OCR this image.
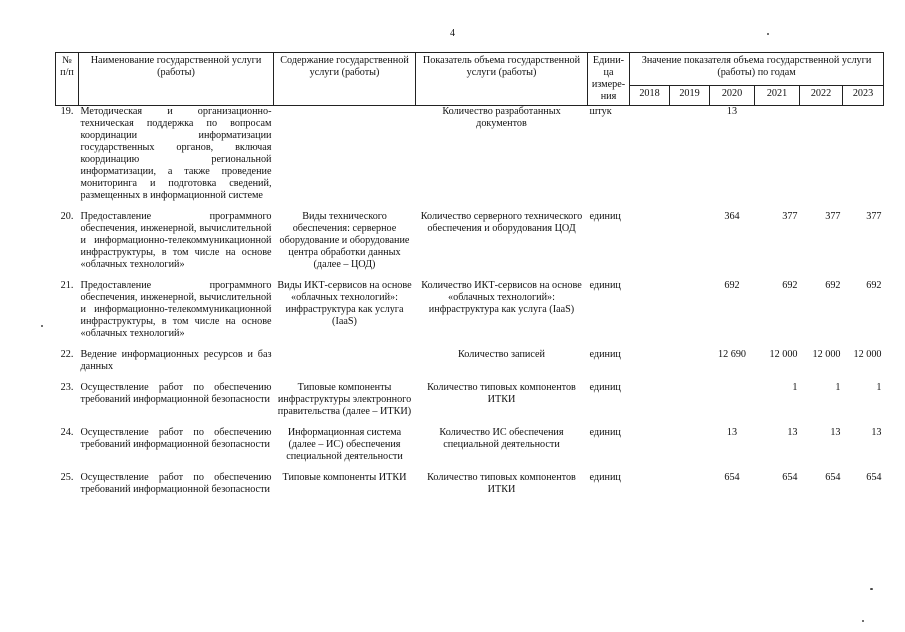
4
№ п/п	Наименование государственной услуги (работы)	Содержание государственной услуги (работы)	Показатель объема государственной услуги (работы)	Едини-ца измере-ния	Значение показателя объема государственной услуги (работы) по годам					
					2018	2019	2020	2021	2022	2023
19.	Методическая и организационно-техническая поддержка по вопросам координации информатизации государственных органов, включая координацию региональной информатизации, а также проведение мониторинга и подготовка сведений, размещенных в информационной системе		Количество разработанных документов	штук			13			
20.	Предоставление программного обеспечения, инженерной, вычислительной и информационно-телекоммуникационной инфраструктуры, в том числе на основе «облачных технологий»	Виды технического обеспечения: серверное оборудование и оборудование центра обработки данных (далее – ЦОД)	Количество серверного технического обеспечения и оборудования ЦОД	единиц			364	377	377	377
21.	Предоставление программного обеспечения, инженерной, вычислительной и информационно-телекоммуникационной инфраструктуры, в том числе на основе «облачных технологий»	Виды ИКТ-сервисов на основе «облачных технологий»: инфраструктура как услуга (IaaS)	Количество ИКТ-сервисов на основе «облачных технологий»: инфраструктура как услуга (IaaS)	единиц			692	692	692	692
22.	Ведение информационных ресурсов и баз данных		Количество записей	единиц			12 690	12 000	12 000	12 000
23.	Осуществление работ по обеспечению требований информационной безопасности	Типовые компоненты инфраструктуры электронного правительства (далее – ИТКИ)	Количество типовых компонентов ИТКИ	единиц				1	1	1
24.	Осуществление работ по обеспечению требований информационной безопасности	Информационная система (далее – ИС) обеспечения специальной деятельности	Количество ИС обеспечения специальной деятельности	единиц			13	13	13	13
25.	Осуществление работ по обеспечению требований информационной безопасности	Типовые компоненты ИТКИ	Количество типовых компонентов ИТКИ	единиц			654	654	654	654
